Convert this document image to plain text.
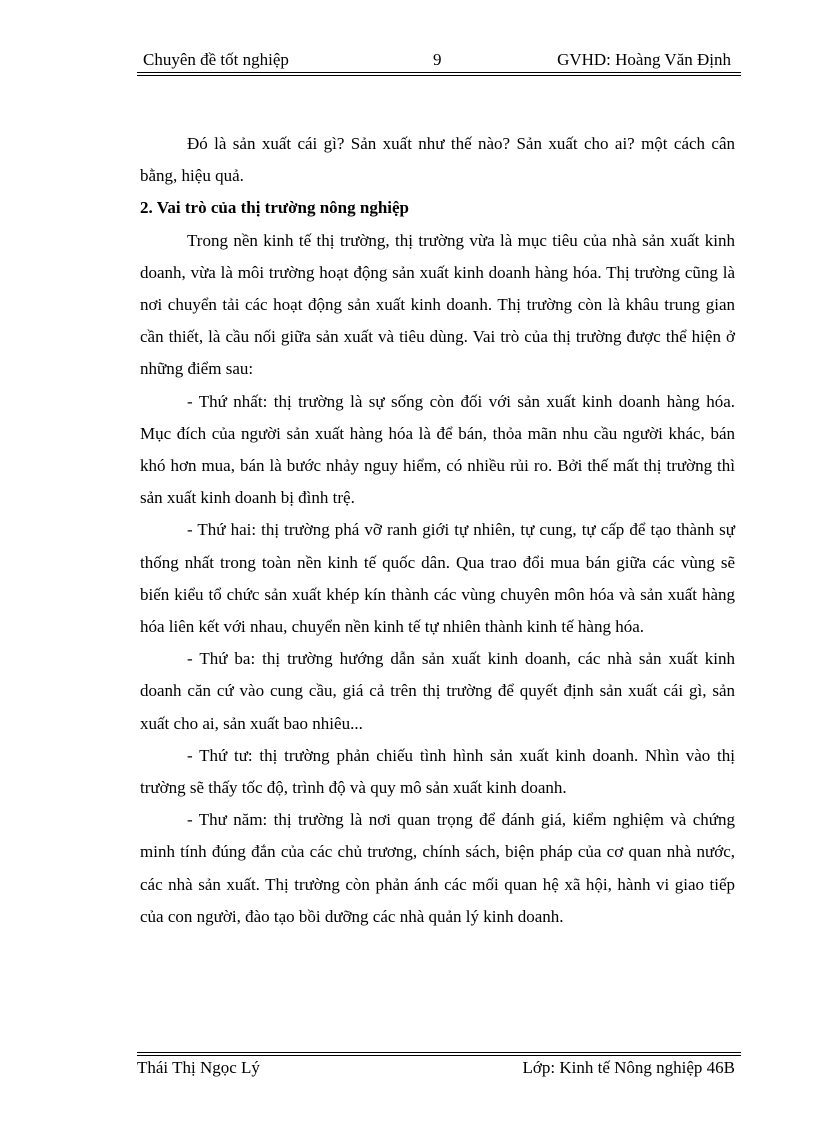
Chuyên đề tốt nghiệp	9	GVHD: Hoàng Văn Định

Đó là sản xuất cái gì? Sản xuất như thế nào? Sản xuất cho ai? một cách cân bằng, hiệu quả.

2. Vai trò của thị trường nông nghiệp

Trong nền kinh tế thị trường, thị trường vừa là mục tiêu của nhà sản xuất kinh doanh, vừa là môi trường hoạt động sản xuất kinh doanh hàng hóa. Thị trường cũng là nơi chuyển tải các hoạt động sản xuất kinh doanh. Thị trường còn là khâu trung gian cần thiết, là cầu nối giữa sản xuất và tiêu dùng. Vai trò của thị trường được thể hiện ở những điểm sau:

- Thứ nhất: thị trường là sự sống còn đối với sản xuất kinh doanh hàng hóa. Mục đích của người sản xuất hàng hóa là để bán, thỏa mãn nhu cầu người khác, bán khó hơn mua, bán là bước nhảy nguy hiểm, có nhiều rủi ro. Bởi thế mất thị trường thì sản xuất kinh doanh bị đình trệ.

- Thứ hai: thị trường phá vỡ ranh giới tự nhiên, tự cung, tự cấp để tạo thành sự thống nhất trong toàn nền kinh tế quốc dân. Qua trao đổi mua bán giữa các vùng sẽ biến kiểu tổ chức sản xuất khép kín thành các vùng chuyên môn hóa và sản xuất hàng hóa liên kết với nhau, chuyển nền kinh tế tự nhiên thành kinh tế hàng hóa.

- Thứ ba: thị trường hướng dẫn sản xuất kinh doanh, các nhà sản xuất kinh doanh căn cứ vào cung cầu, giá cả trên thị trường để quyết định sản xuất cái gì, sản xuất cho ai, sản xuất bao nhiêu...

- Thứ tư: thị trường phản chiếu tình hình sản xuất kinh doanh. Nhìn vào thị trường sẽ thấy tốc độ, trình độ và quy mô sản xuất kinh doanh.

- Thư năm: thị trường là nơi quan trọng để đánh giá, kiểm nghiệm và chứng minh tính đúng đắn của các chủ trương, chính sách, biện pháp của cơ quan nhà nước, các nhà sản xuất. Thị trường còn phản ánh các mối quan hệ xã hội, hành vi giao tiếp của con người, đào tạo bồi dưỡng các nhà quản lý kinh doanh.

Thái Thị Ngọc Lý	Lớp: Kinh tế Nông nghiệp 46B
